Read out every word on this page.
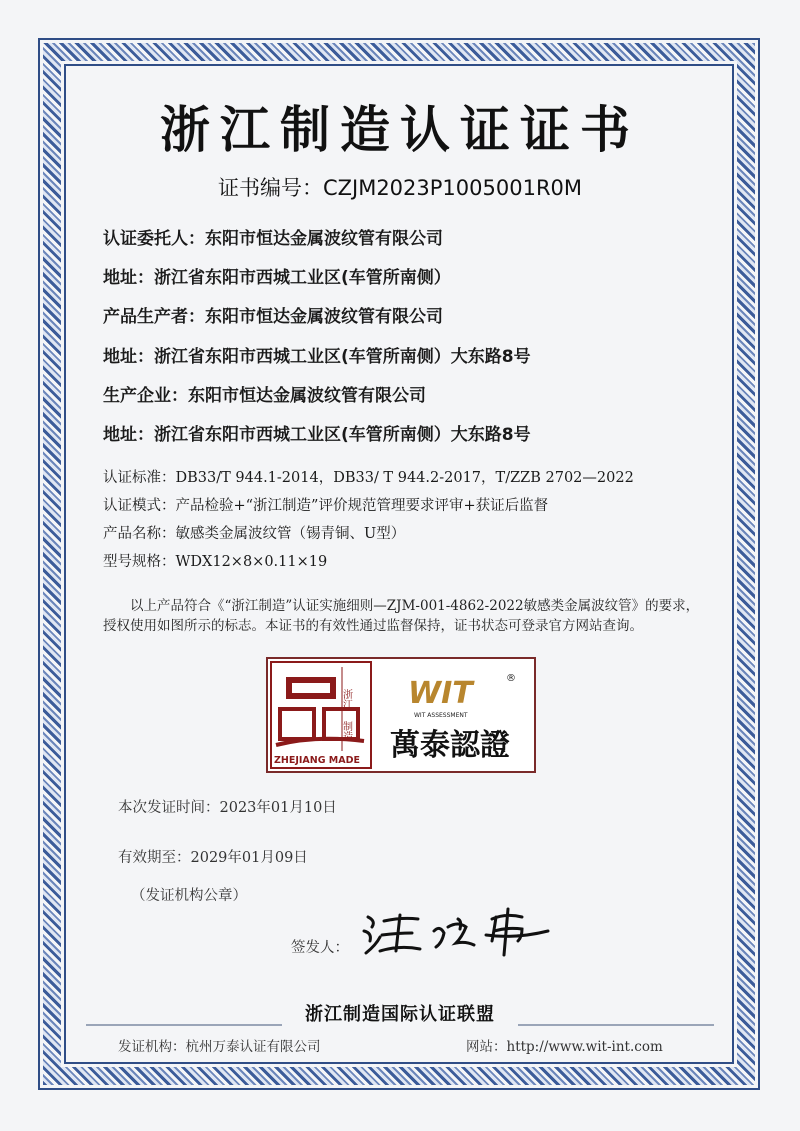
浙江制造认证证书
证书编号：CZJM2023P1005001R0M
认证委托人：东阳市恒达金属波纹管有限公司
地址：浙江省东阳市西城工业区(车管所南侧）
产品生产者：东阳市恒达金属波纹管有限公司
地址：浙江省东阳市西城工业区(车管所南侧）大东路8号
生产企业：东阳市恒达金属波纹管有限公司
地址：浙江省东阳市西城工业区(车管所南侧）大东路8号
认证标准：DB33/T 944.1-2014，DB33/ T 944.2-2017，T/ZZB 2702—2022
认证模式：产品检验+“浙江制造”评价规范管理要求评审+获证后监督
产品名称：敏感类金属波纹管（锡青铜、U型）
型号规格：WDX12×8×0.11×19
以上产品符合《“浙江制造”认证实施细则—ZJM-001-4862-2022敏感类金属波纹管》的要求，授权使用如图所示的标志。本证书的有效性通过监督保持，证书状态可登录官方网站查询。
浙江
制造
ZHEJIANG MADE
WIT	®
WIT ASSESSMENT
萬泰認證
本次发证时间：2023年01月10日
有效期至：2029年01月09日
（发证机构公章）
签发人：
浙江制造国际认证联盟
发证机构：杭州万泰认证有限公司	网站：http://www.wit-int.com
